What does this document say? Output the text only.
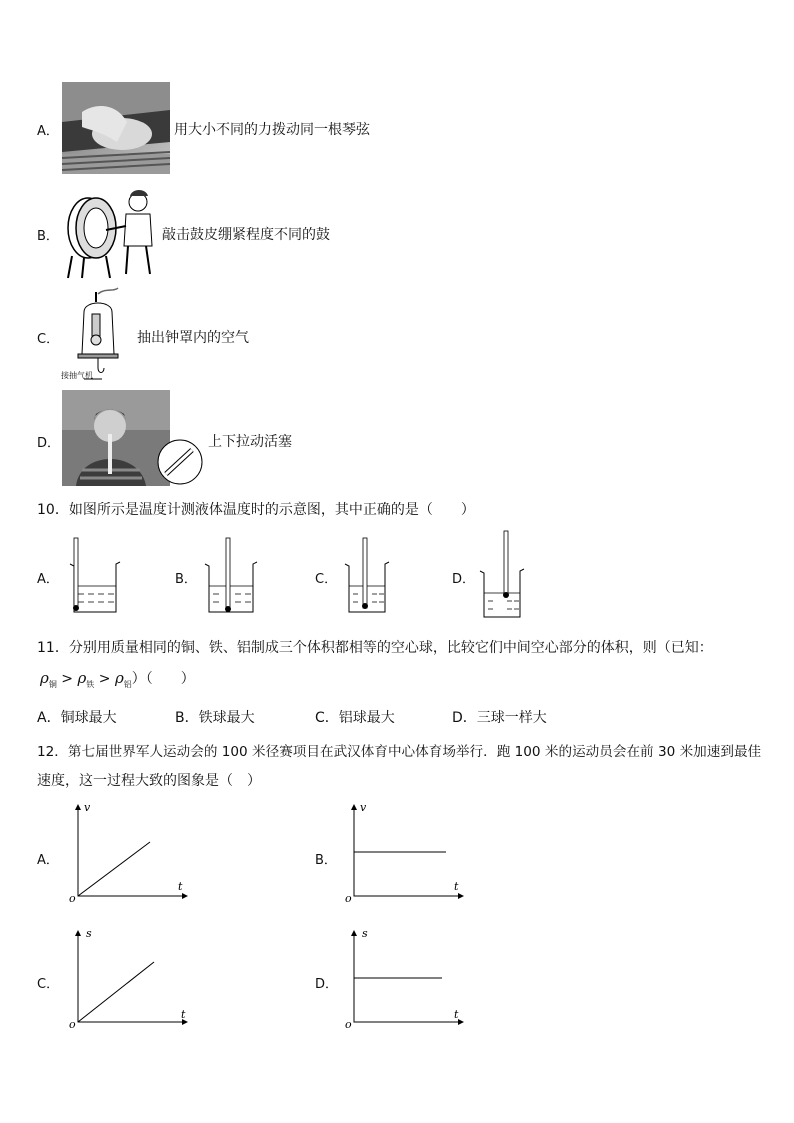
A．	用大小不同的力拨动同一根琴弦
B．	敲击鼓皮绷紧程度不同的鼓
C．
接抽气机
抽出钟罩内的空气
D．	上下拉动活塞
10．如图所示是温度计测液体温度时的示意图，其中正确的是（　　）
A．	B．	C．	D．
11．分别用质量相同的铜、铁、铝制成三个体积都相等的空心球，比较它们中间空心部分的体积，则（已知：
$\rho_铜 > \rho_铁 > \rho_铝$）（　　）
A．铜球最大	B．铁球最大	C．铝球最大	D．三球一样大
12．第七届世界军人运动会的 100 米径赛项目在武汉体育中心体育场举行．跑 100 米的运动员会在前 30 米加速到最佳
速度，这一过程大致的图象是（　）
A．
v
t
o
B．
v
t
o
C．
s
t
o
D．
s
t
o
